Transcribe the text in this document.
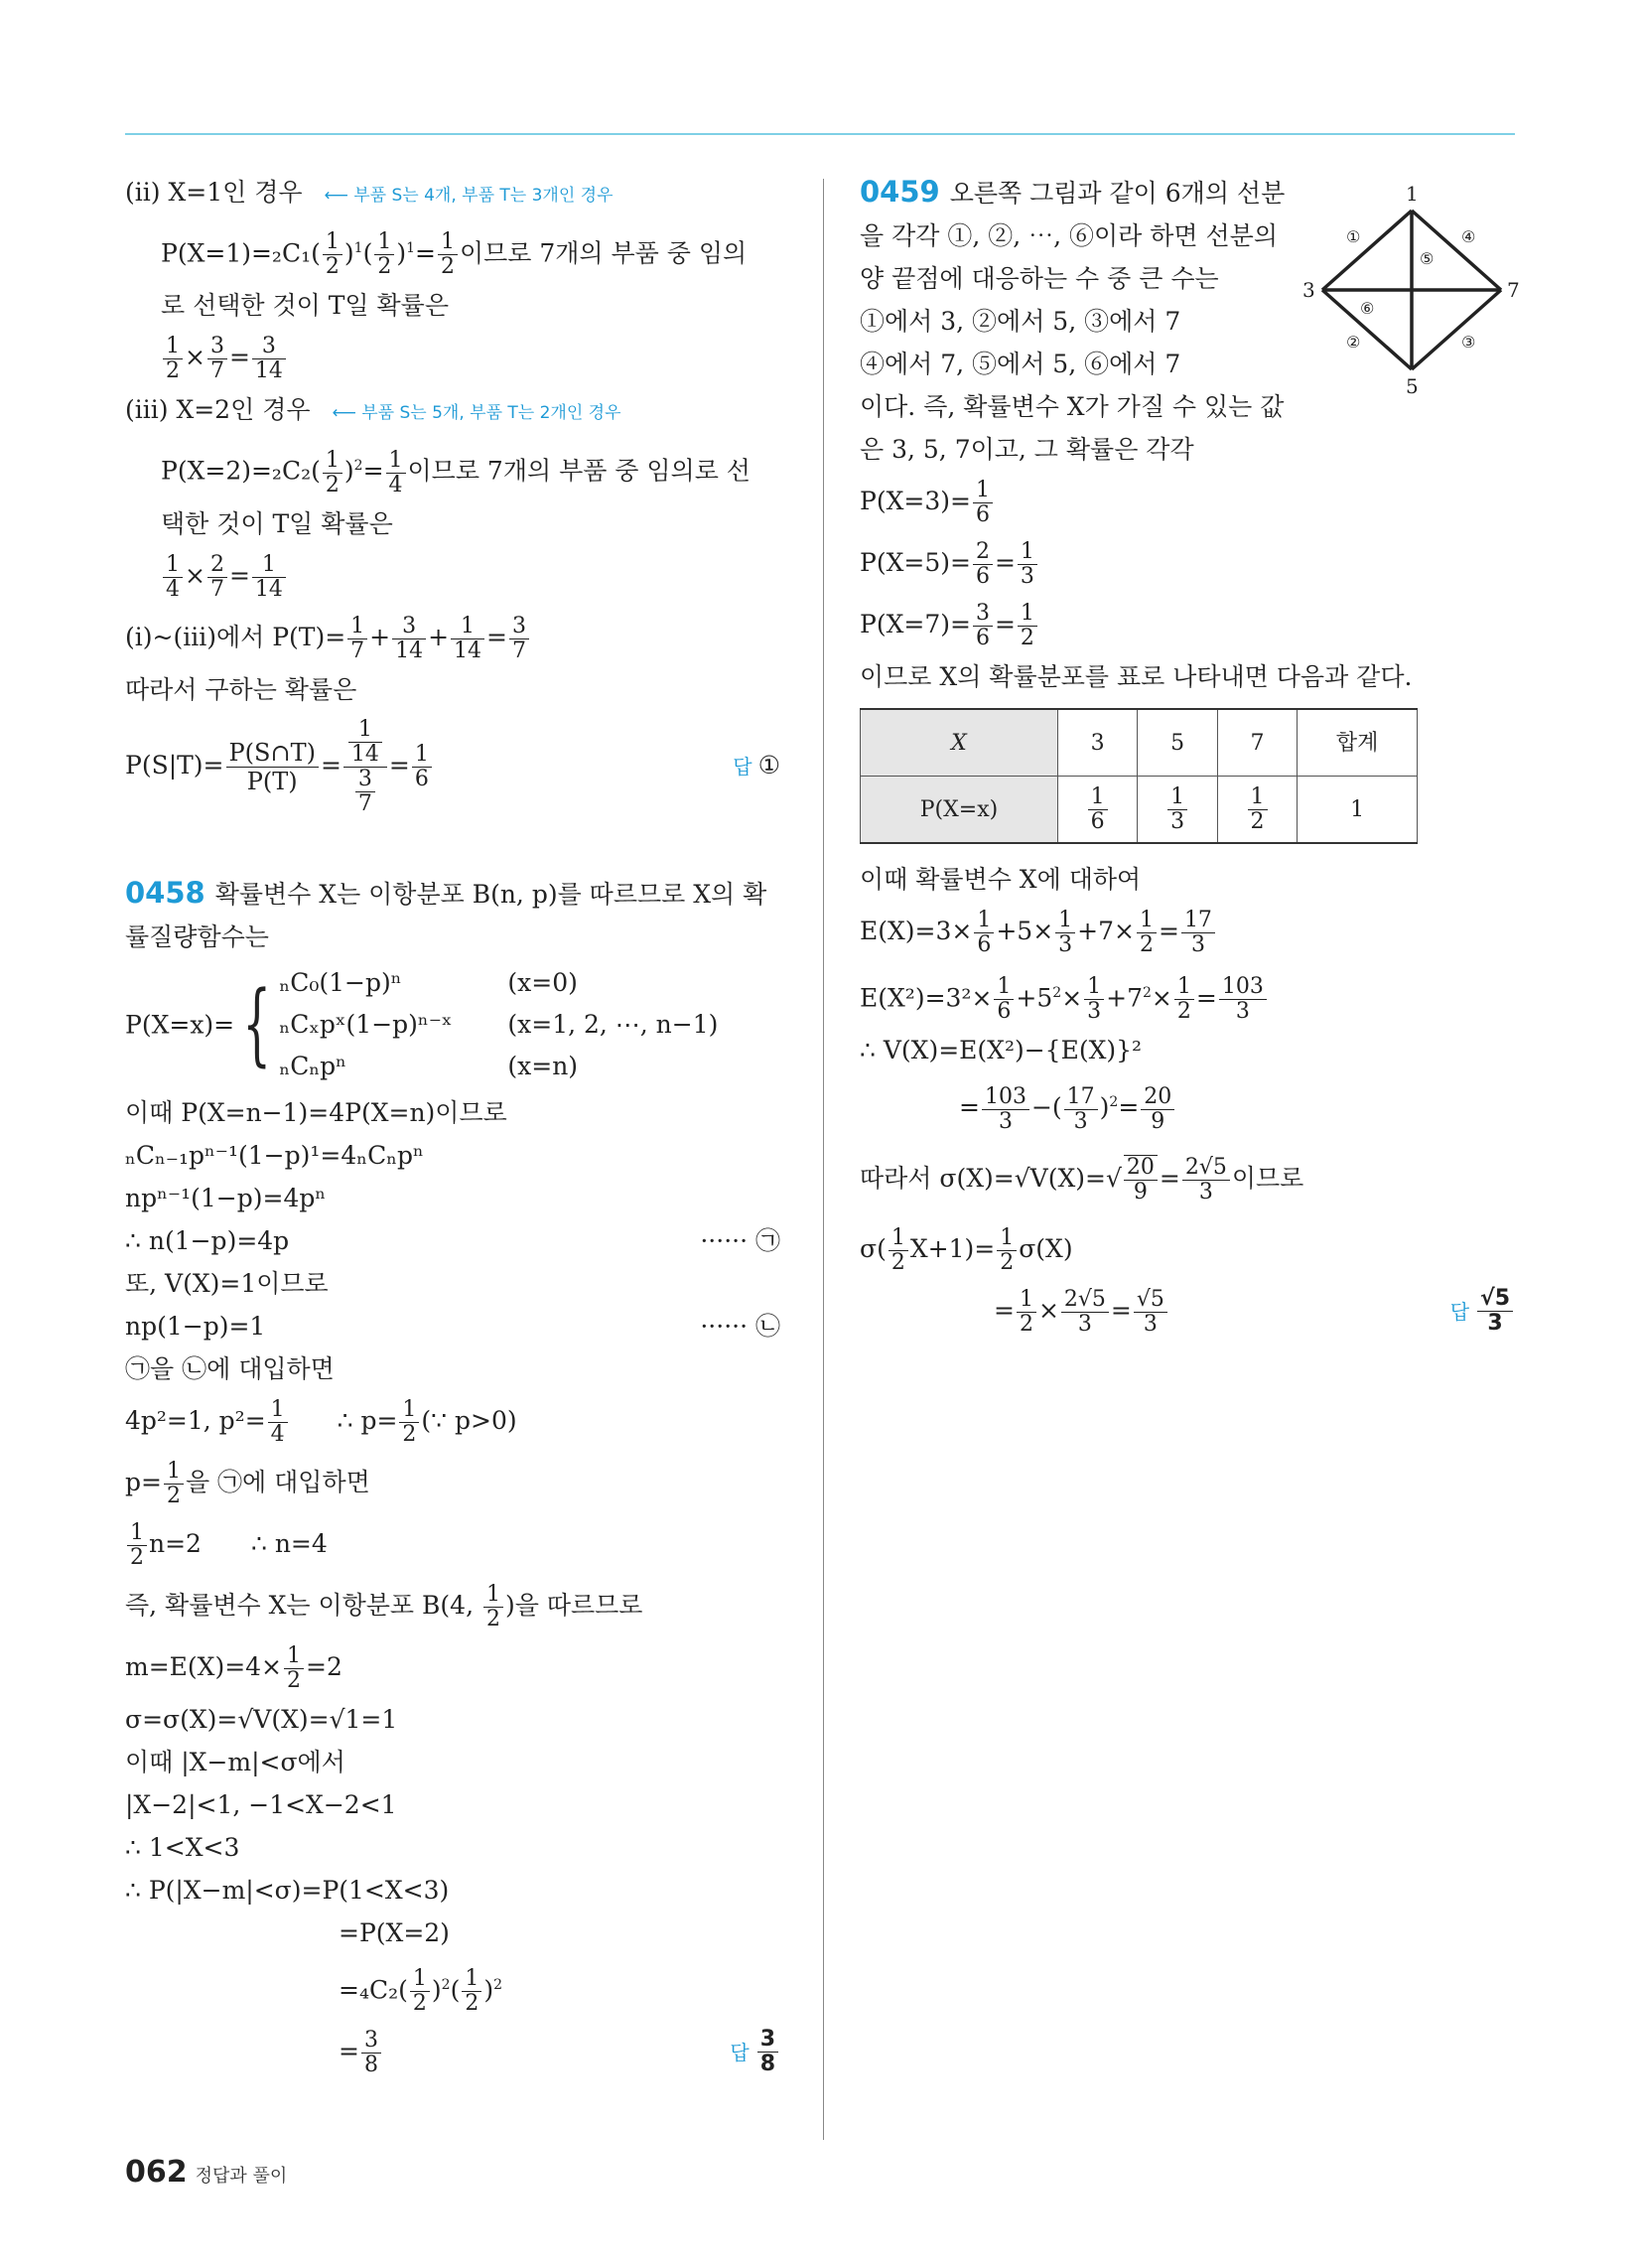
(ii) X=1인 경우 ⟵ 부품 S는 4개, 부품 T는 3개인 경우
$P(X=1)=_2C_1( \frac{1}{2} )^1( \frac{1}{2} )^1= \frac{1}{2}$ 이므로 7개의 부품 중 임의
로 선택한 것이 T일 확률은
$\frac{1}{2} \times \frac{3}{7} = \frac{3}{14}$
(iii) X=2인 경우 ⟵ 부품 S는 5개, 부품 T는 2개인 경우
$P(X=2)=_2C_2( \frac{1}{2} )^2= \frac{1}{4}$ 이므로 7개의 부품 중 임의로 선
택한 것이 T일 확률은
$\frac{1}{4} \times \frac{2}{7} = \frac{1}{14}$
(i)~(iii)에서 $P(T)= \frac{1}{7} + \frac{3}{14} + \frac{1}{14} = \frac{3}{7}$
따라서 구하는 확률은
$P(S|T)= \frac{P(S\cap T)}{P(T)} = \frac{\frac{1}{14}}{\frac{3}{7}} = \frac{1}{6}$	답 ①
0458 확률변수 X는 이항분포 B(n, p)를 따르므로 X의 확
률질량함수는
P(X=x)={ ₙC₀(1−p)ⁿ	(x=0)
ₙCₓpˣ(1−p)ⁿ⁻ˣ (x=1, 2, ⋯, n−1)
ₙCₙpⁿ	(x=n)
이때 P(X=n−1)=4P(X=n)이므로
ₙCₙ₋₁pⁿ⁻¹(1−p)¹=4ₙCₙpⁿ
npⁿ⁻¹(1−p)=4pⁿ
∴ n(1−p)=4p	······ ㉠
또, V(X)=1이므로
np(1−p)=1	······ ㉡
㉠을 ㉡에 대입하면
4p²=1, $p^2= \frac{1}{4}$ ∴ $p= \frac{1}{2}$ (∵ p>0)
$p= \frac{1}{2}$ 을 ㉠에 대입하면
$\frac{1}{2} n=2$ ∴ n=4
즉, 확률변수 X는 이항분포 B(4, $\frac{1}{2}$ )을 따르므로
$m=E(X)=4\times \frac{1}{2} =2$
σ=σ(X)=√V(X)=√1=1
이때 |X−m|<σ에서
|X−2|<1, −1<X−2<1
∴ 1<X<3
∴ P(|X−m|<σ)=P(1<X<3)
=P(X=2)
$=_4C_2( \frac{1}{2} )^2( \frac{1}{2} )^2$
= $\frac{3}{8}$	답 $\frac{3}{8}$
0459 오른쪽 그림과 같이 6개의 선분
을 각각 ①, ②, ⋯, ⑥이라 하면 선분의
양 끝점에 대응하는 수 중 큰 수는
①에서 3, ②에서 5, ③에서 7
④에서 7, ⑤에서 5, ⑥에서 7
이다. 즉, 확률변수 X가 가질 수 있는 값
은 3, 5, 7이고, 그 확률은 각각
$P(X=3)= \frac{1}{6}$
$P(X=5)= \frac{2}{6} = \frac{1}{3}$
$P(X=7)= \frac{3}{6} = \frac{1}{2}$
이므로 X의 확률분포를 표로 나타내면 다음과 같다.
X	3	5	7	합계
P(X=x)	$\frac{1}{6}$	$\frac{1}{3}$	$\frac{1}{2}$	1
이때 확률변수 X에 대하여
$E(X)=3\times \frac{1}{6} +5\times \frac{1}{3} +7\times \frac{1}{2} = \frac{17}{3}$
$E(X^2)=3^2\times \frac{1}{6} +5^2\times \frac{1}{3} +7^2\times \frac{1}{2} = \frac{103}{3}$
∴ V(X)=E(X²)−{E(X)}²
= $\frac{103}{3}$ −( $\frac{17}{3} )^2= \frac{20}{9}$
따라서 $\sigma(X)=√V(X)=√ \frac{20}{9} = \frac{2√5}{3}$ 이므로
$\sigma( \frac{1}{2} X+1)= \frac{1}{2} \sigma(X)$
= $\frac{1}{2} \times \frac{2√5}{3} = \frac{√5}{3}$	답 $\frac{√5}{3}$
1
3	7
5
①
②	③
④
⑤
⑥
062 정답과 풀이
